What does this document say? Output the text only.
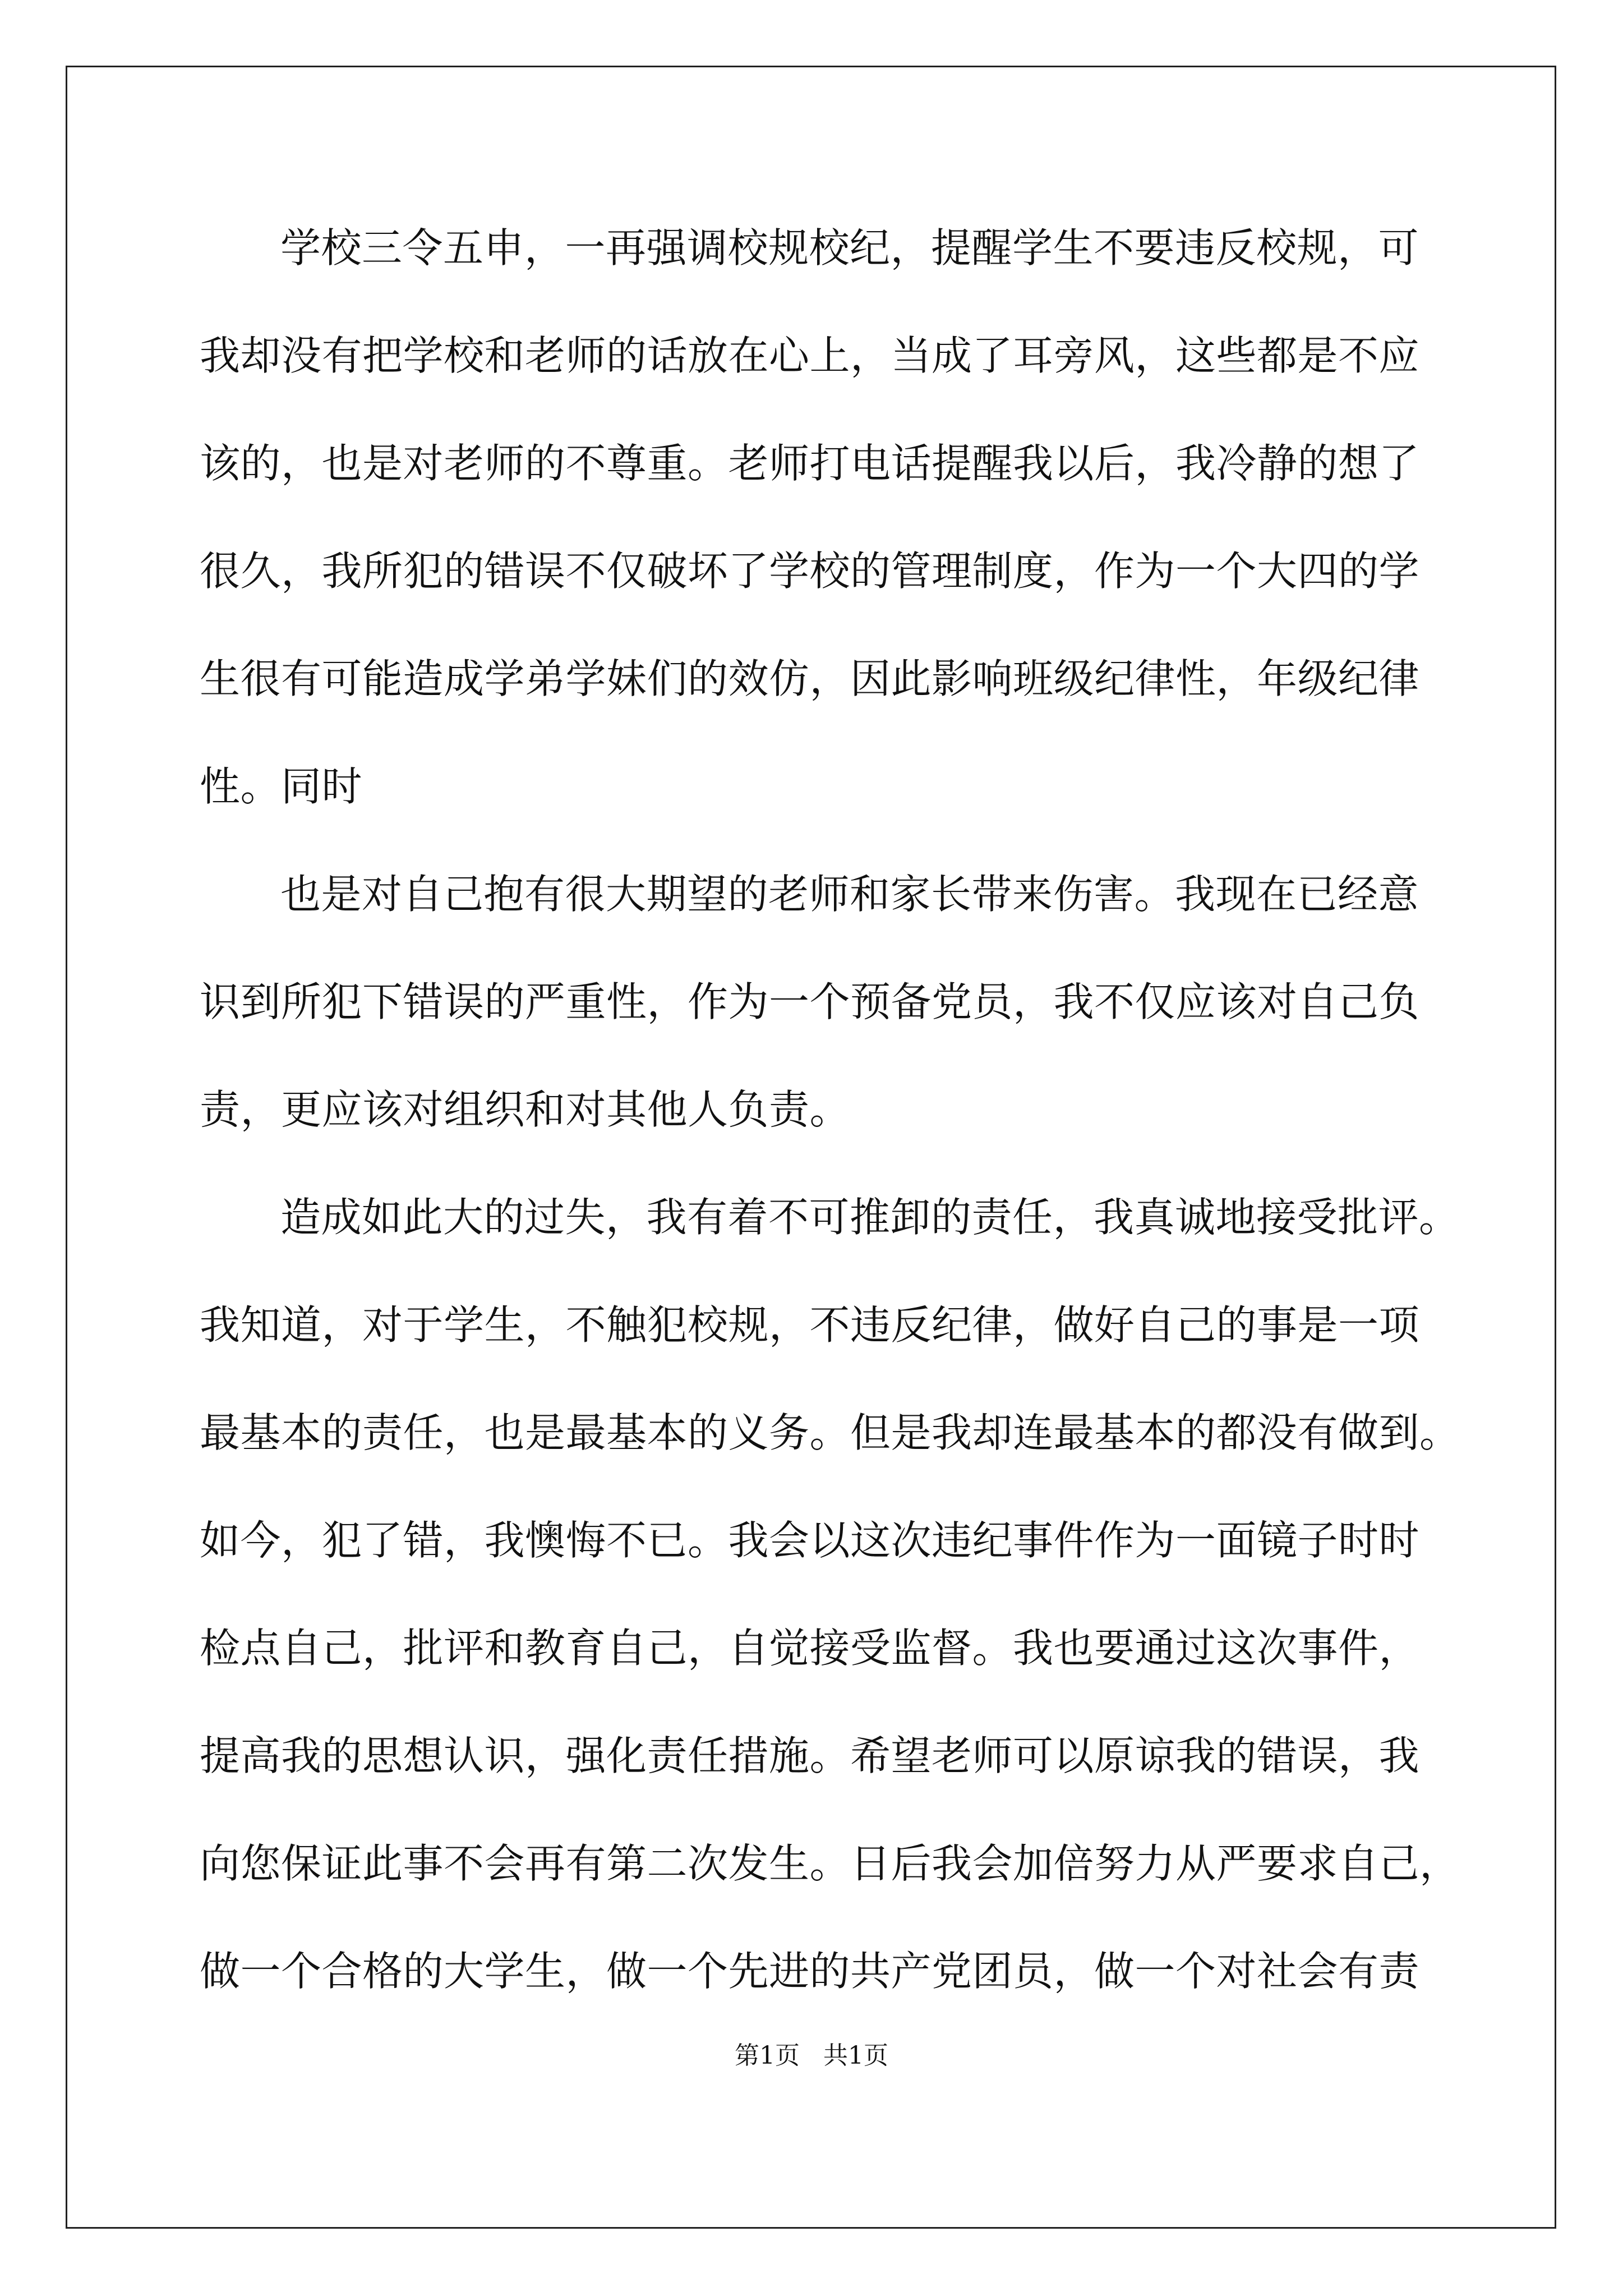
学校三令五申，一再强调校规校纪，提醒学生不要违反校规，可
我却没有把学校和老师的话放在心上，当成了耳旁风，这些都是不应
该的，也是对老师的不尊重。老师打电话提醒我以后，我冷静的想了
很久，我所犯的错误不仅破坏了学校的管理制度，作为一个大四的学
生很有可能造成学弟学妹们的效仿，因此影响班级纪律性，年级纪律
性。同时
也是对自己抱有很大期望的老师和家长带来伤害。我现在已经意
识到所犯下错误的严重性，作为一个预备党员，我不仅应该对自己负
责，更应该对组织和对其他人负责。
造成如此大的过失，我有着不可推卸的责任，我真诚地接受批评。
我知道，对于学生，不触犯校规，不违反纪律，做好自己的事是一项
最基本的责任，也是最基本的义务。但是我却连最基本的都没有做到。
如今，犯了错，我懊悔不已。我会以这次违纪事件作为一面镜子时时
检点自己，批评和教育自己，自觉接受监督。我也要通过这次事件，
提高我的思想认识，强化责任措施。希望老师可以原谅我的错误，我
向您保证此事不会再有第二次发生。日后我会加倍努力从严要求自己，
做一个合格的大学生，做一个先进的共产党团员，做一个对社会有责
第1页   共1页
